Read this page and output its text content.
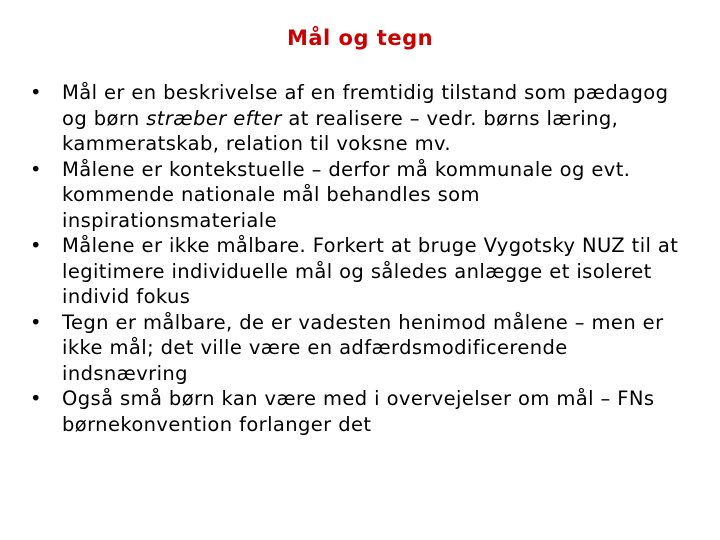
Mål og tegn
•	Mål er en beskrivelse af en fremtidig tilstand som pædagog og børn stræber efter at realisere – vedr. børns læring, kammeratskab, relation til voksne mv.
•	Målene er kontekstuelle – derfor må kommunale og evt. kommende nationale mål behandles som inspirationsmateriale
•	Målene er ikke målbare. Forkert at bruge Vygotsky NUZ til at legitimere individuelle mål og således anlægge et isoleret individ fokus
•	Tegn er målbare, de er vadesten henimod målene – men er ikke mål; det ville være en adfærdsmodificerende indsnævring
•	Også små børn kan være med i overvejelser om mål – FNs børnekonvention forlanger det
